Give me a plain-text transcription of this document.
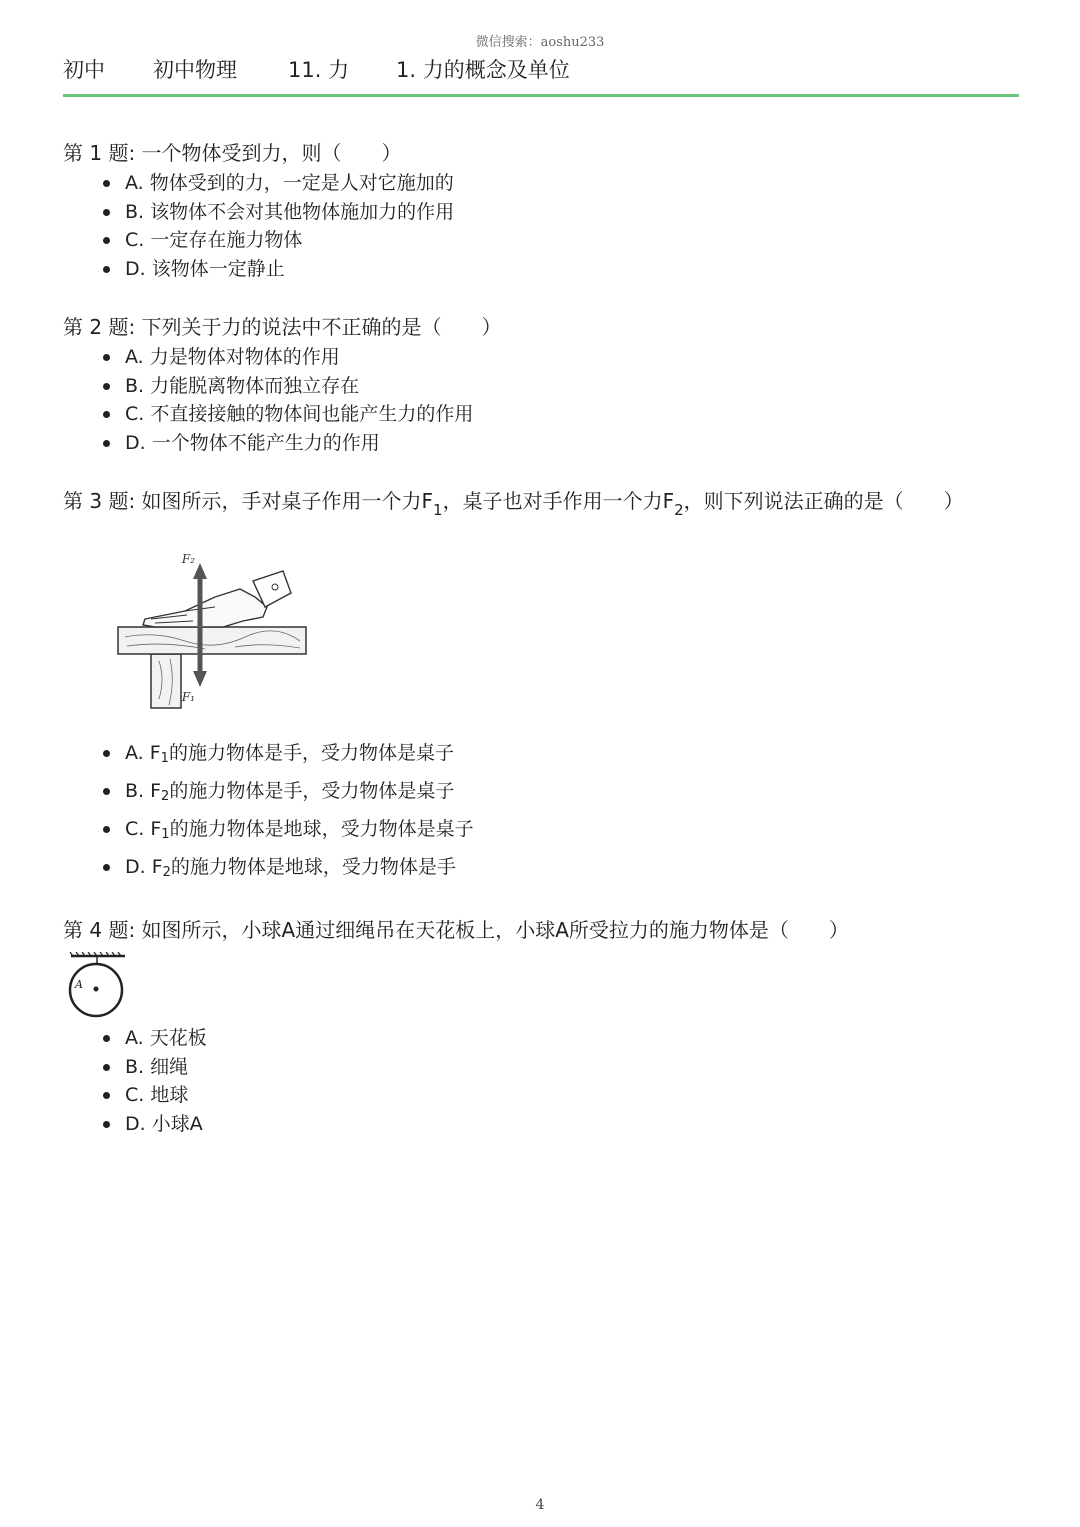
微信搜索：aoshu233
初中 初中物理 11. 力 1. 力的概念及单位

第 1 题: 一个物体受到力，则（　　）

A. 物体受到的力，一定是人对它施加的
B. 该物体不会对其他物体施加力的作用
C. 一定存在施力物体
D. 该物体一定静止

第 2 题: 下列关于力的说法中不正确的是（　　）

A. 力是物体对物体的作用
B. 力能脱离物体而独立存在
C. 不直接接触的物体间也能产生力的作用
D. 一个物体不能产生力的作用

第 3 题: 如图所示，手对桌子作用一个力$F_1$，桌子也对手作用一个力$F_2$，则下列说法正确的是（　　）

F₂
F₁
A. $F_1$的施力物体是手，受力物体是桌子
B. $F_2$的施力物体是手，受力物体是桌子
C. $F_1$的施力物体是地球，受力物体是桌子
D. $F_2$的施力物体是地球，受力物体是手

第 4 题: 如图所示，小球A通过细绳吊在天花板上，小球A所受拉力的施力物体是（　　）

A
A. 天花板
B. 细绳
C. 地球
D. 小球A
4
